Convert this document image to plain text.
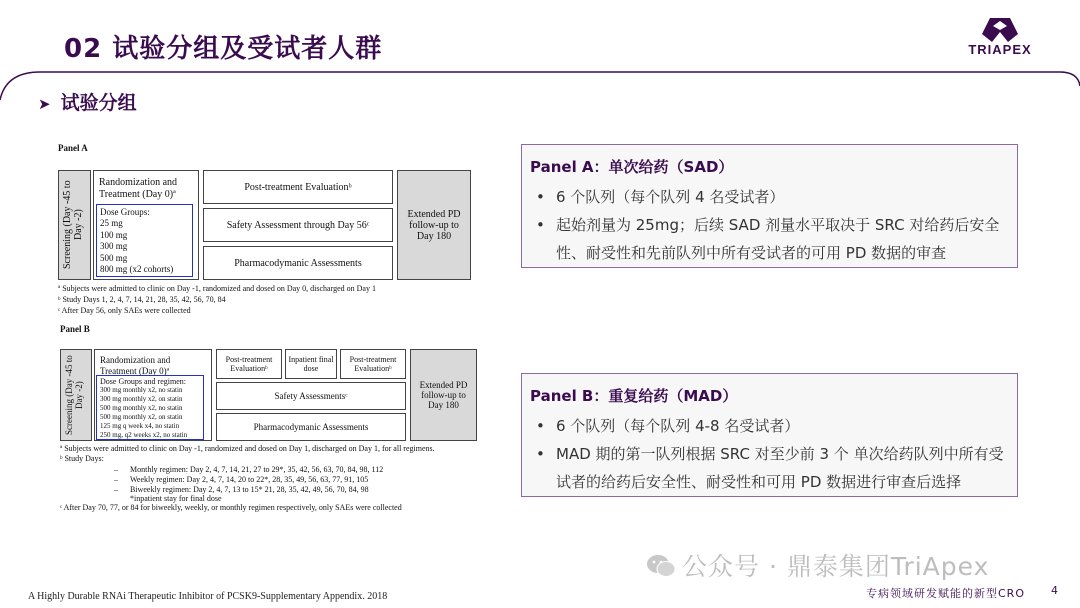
02 试验分组及受试者人群	TRIAPEX
➤ 试验分组
Panel A
Screening (Day -45 to Day -2)
Randomization and Treatment (Day 0)ª
Dose Groups:
25 mg
100 mg
300 mg
500 mg
800 mg (x2 cohorts)
Post-treatment Evaluationᵇ
Safety Assessment through Day 56ᶜ
Pharmacodymanic Assessments
Extended PD follow-up to Day 180
ª Subjects were admitted to clinic on Day -1, randomized and dosed on Day 0, discharged on Day 1
ᵇ Study Days 1, 2, 4, 7, 14, 21, 28, 35, 42, 56, 70, 84
ᶜ After Day 56, only SAEs were collected
Panel B
Screening (Day -45 to Day -2)
Randomization and Treatment (Day 0)ª
Dose Groups and regimen:
300 mg monthly x2, no statin
300 mg monthly x2, on statin
500 mg monthly x2, no statin
500 mg monthly x2, on statin
125 mg q week x4, no statin
250 mg, q2 weeks x2, no statin
Post-treatment Evaluationᵇ
Inpatient final dose
Post-treatment Evaluationᵇ
Safety Assessmentsᶜ
Pharmacodymanic Assessments
Extended PD follow-up to Day 180
ª Subjects were admitted to clinic on Day -1, randomized and dosed on Day 1, discharged on Day 1, for all regimens.
ᵇ Study Days:
–      Monthly regimen: Day 2, 4, 7, 14, 21, 27 to 29*, 35, 42, 56, 63, 70, 84, 98, 112
–      Weekly regimen: Day 2, 4, 7, 14, 20 to 22*, 28, 35, 49, 56, 63, 77, 91, 105
–      Biweekly regimen: Day 2, 4, 7, 13 to 15* 21, 28, 35, 42, 49, 56, 70, 84, 98
*inpatient stay for final dose
ᶜ After Day 70, 77, or 84 for biweekly, weekly, or monthly regimen respectively, only SAEs were collected
Panel A：单次给药（SAD）
• 6 个队列（每个队列 4 名受试者）
• 起始剂量为 25mg；后续 SAD 剂量水平取决于 SRC 对给药后安全性、耐受性和先前队列中所有受试者的可用 PD 数据的审查
Panel B：重复给药（MAD）
• 6 个队列（每个队列 4-8 名受试者）
• MAD 期的第一队列根据 SRC 对至少前 3 个 单次给药队列中所有受试者的给药后安全性、耐受性和可用 PD 数据进行审查后选择
A Highly Durable RNAi Therapeutic Inhibitor of PCSK9-Supplementary Appendix. 2018
公众号 · 鼎泰集团TriApex
专病领域研发赋能的新型CRO 4
